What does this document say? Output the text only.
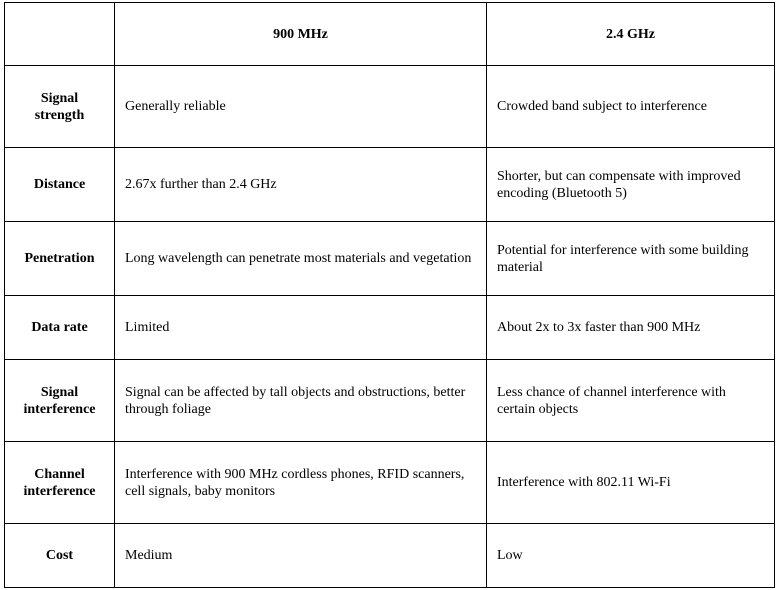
	900 MHz	2.4 GHz
Signal strength	Generally reliable	Crowded band subject to interference
Distance	2.67x further than 2.4 GHz	Shorter, but can compensate with improved encoding (Bluetooth 5)
Penetration	Long wavelength can penetrate most materials and vegetation	Potential for interference with some building material
Data rate	Limited	About 2x to 3x faster than 900 MHz
Signal interference	Signal can be affected by tall objects and obstructions, better through foliage	Less chance of channel interference with certain objects
Channel interference	Interference with 900 MHz cordless phones, RFID scanners, cell signals, baby monitors	Interference with 802.11 Wi-Fi
Cost	Medium	Low
